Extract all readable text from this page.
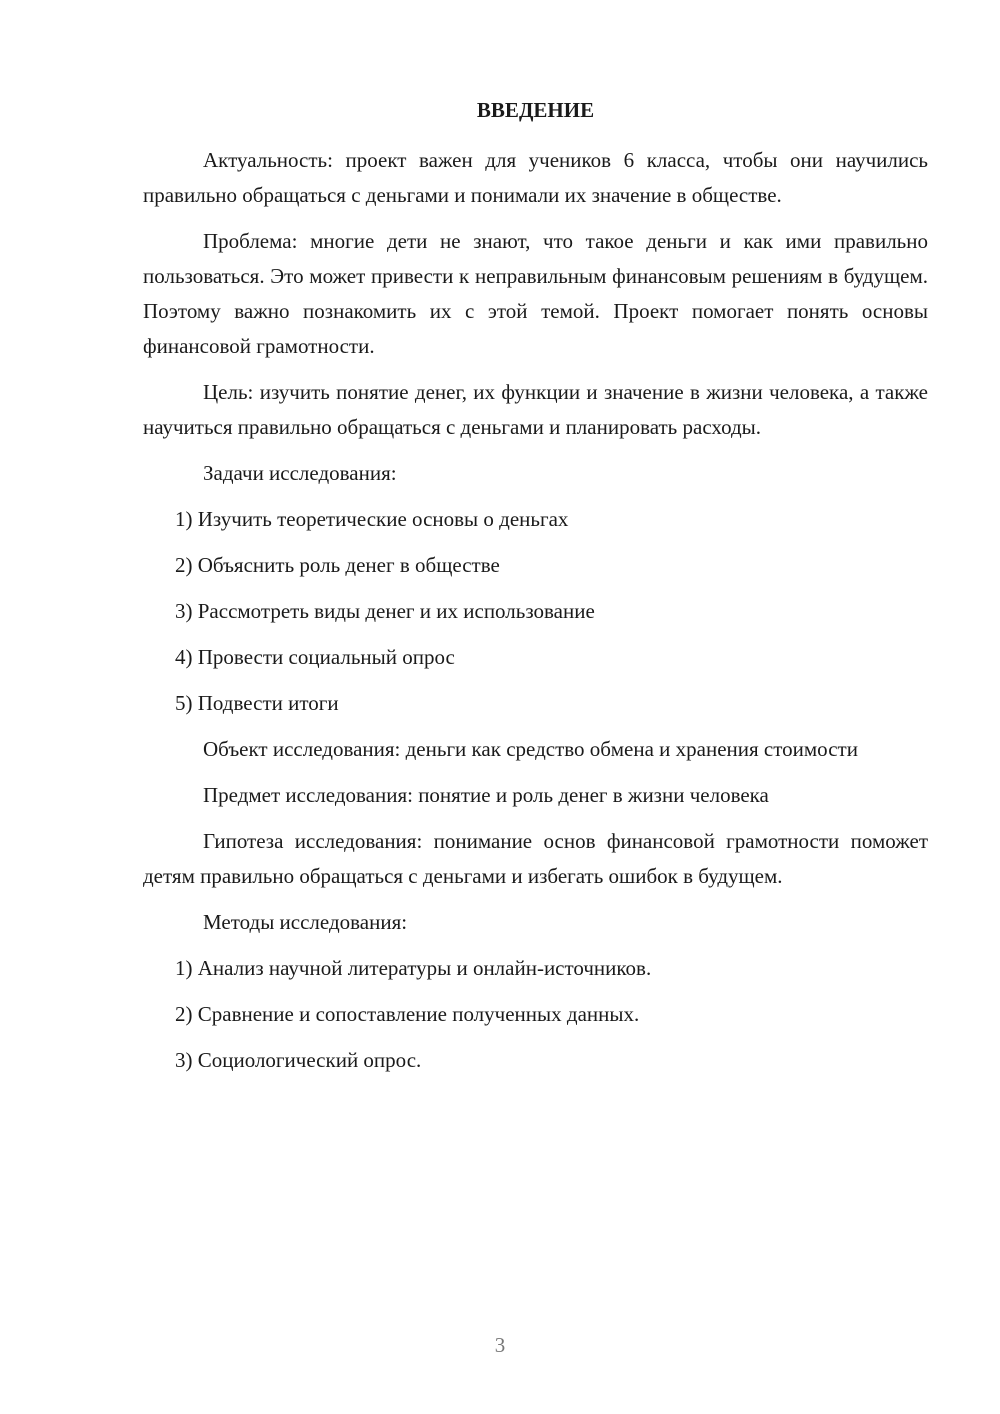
ВВЕДЕНИЕ

Актуальность: проект важен для учеников 6 класса, чтобы они научились правильно обращаться с деньгами и понимали их значение в обществе.

Проблема: многие дети не знают, что такое деньги и как ими правильно пользоваться. Это может привести к неправильным финансовым решениям в будущем. Поэтому важно познакомить их с этой темой. Проект помогает понять основы финансовой грамотности.

Цель: изучить понятие денег, их функции и значение в жизни человека, а также научиться правильно обращаться с деньгами и планировать расходы.

Задачи исследования:

1) Изучить теоретические основы о деньгах
2) Объяснить роль денег в обществе
3) Рассмотреть виды денег и их использование
4) Провести социальный опрос
5) Подвести итоги

Объект исследования: деньги как средство обмена и хранения стоимости

Предмет исследования: понятие и роль денег в жизни человека

Гипотеза исследования: понимание основ финансовой грамотности поможет детям правильно обращаться с деньгами и избегать ошибок в будущем.

Методы исследования:

1) Анализ научной литературы и онлайн-источников.
2) Сравнение и сопоставление полученных данных.
3) Социологический опрос.
3
